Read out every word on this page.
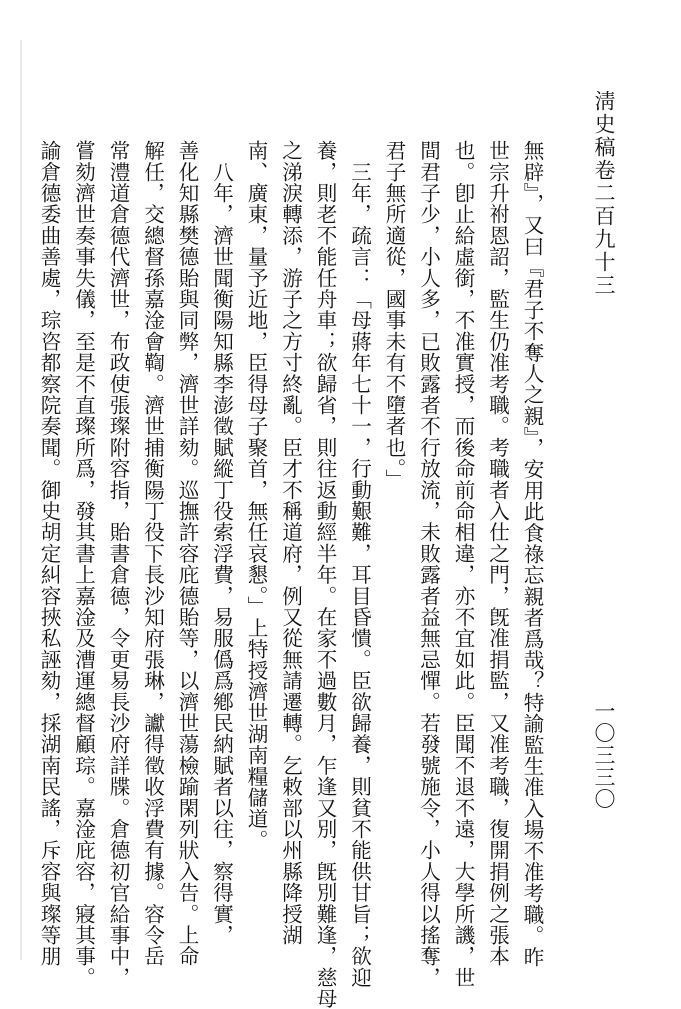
淸史稿卷二百九十三
一〇三三〇
無辟』，又曰『君子不奪人之親』，安用此食祿忘親者爲哉？特諭監生准入場不准考職。昨
世宗升祔恩詔，監生仍准考職。考職者入仕之門，旣准捐監，又准考職，復開捐例之張本
也。卽止給虛銜，不准實授，而後命前命相違，亦不宜如此。臣聞不退不遠，大學所譏，世
間君子少，小人多，已敗露者不行放流，未敗露者益無忌憚。若發號施令，小人得以搖奪，
君子無所適從，國事未有不墮者也。」
　三年，疏言：「母蔣年七十一，行動艱難，耳目昏憒。臣欲歸養，則貧不能供甘旨；欲迎
養，則老不能任舟車；欲歸省，則往返動經半年。在家不過數月，乍逢又別，旣別難逢，慈母
之涕淚轉添，游子之方寸終亂。臣才不稱道府，例又從無請遷轉。乞敕部以州縣降授湖
南、廣東，量予近地，臣得母子聚首，無任哀懇。」上特授濟世湖南糧儲道。
　八年，濟世聞衡陽知縣李澎徵賦縱丁役索浮費，易服僞爲鄕民納賦者以往，察得實，
善化知縣樊德貽與同弊，濟世詳劾。巡撫許容庇德貽等，以濟世蕩檢踰閑列狀入告。上命
解任，交總督孫嘉淦會鞫。濟世捕衡陽丁役下長沙知府張琳，讞得徵收浮費有據。容令岳
常澧道倉德代濟世，布政使張璨附容指，貽書倉德，令更易長沙府詳牒。倉德初官給事中，
嘗劾濟世奏事失儀，至是不直璨所爲，發其書上嘉淦及漕運總督顧琮。嘉淦庇容，寢其事。
諭倉德委曲善處，琮咨都察院奏聞。御史胡定糾容挾私誣劾，採湖南民謠，斥容與璨等朋
